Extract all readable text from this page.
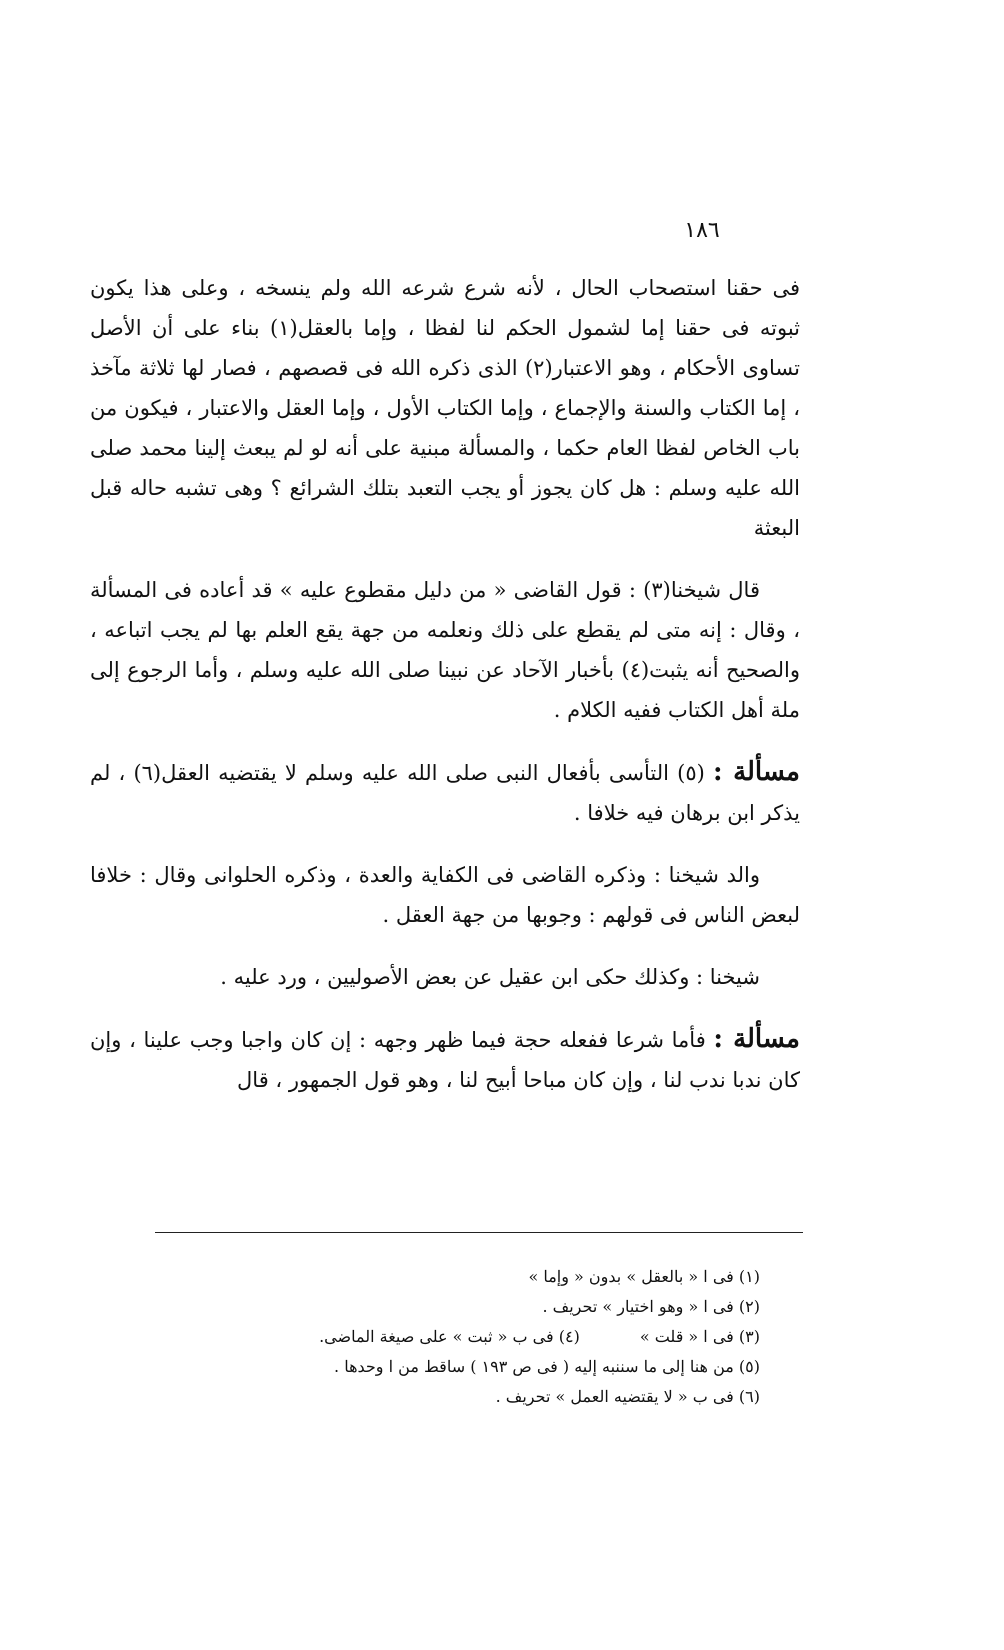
١٨٦

فى حقنا استصحاب الحال ، لأنه شرع شرعه الله ولم ينسخه ، وعلى هذا يكون ثبوته فى حقنا إما لشمول الحكم لنا لفظا ، وإما بالعقل(١) بناء على أن الأصل تساوى الأحكام ، وهو الاعتبار(٢) الذى ذكره الله فى قصصهم ، فصار لها ثلاثة مآخذ ، إما الكتاب والسنة والإجماع ، وإما الكتاب الأول ، وإما العقل والاعتبار ، فيكون من باب الخاص لفظا العام حكما ، والمسألة مبنية على أنه لو لم يبعث إلينا محمد صلى الله عليه وسلم : هل كان يجوز أو يجب التعبد بتلك الشرائع ؟ وهى تشبه حاله قبل البعثة

قال شيخنا(٣) : قول القاضى « من دليل مقطوع عليه » قد أعاده فى المسألة ، وقال : إنه متى لم يقطع على ذلك ونعلمه من جهة يقع العلم بها لم يجب اتباعه ، والصحيح أنه يثبت(٤) بأخبار الآحاد عن نبينا صلى الله عليه وسلم ، وأما الرجوع إلى ملة أهل الكتاب ففيه الكلام .

مسألة : (٥) التأسى بأفعال النبى صلى الله عليه وسلم لا يقتضيه العقل(٦) ، لم يذكر ابن برهان فيه خلافا .

والد شيخنا : وذكره القاضى فى الكفاية والعدة ، وذكره الحلوانى وقال : خلافا لبعض الناس فى قولهم : وجوبها من جهة العقل .

شيخنا : وكذلك حكى ابن عقيل عن بعض الأصوليين ، ورد عليه .

مسألة : فأما شرعا ففعله حجة فيما ظهر وجهه : إن كان واجبا وجب علينا ، وإن كان ندبا ندب لنا ، وإن كان مباحا أبيح لنا ، وهو قول الجمهور ، قال

(١) فى ا « بالعقل » بدون « وإما »

(٢) فى ا « وهو اختيار » تحريف .

(٣) فى ا « قلت »

(٤) فى ب « ثبت » على صيغة الماضى.

(٥) من هنا إلى ما سننبه إليه ( فى ص ١٩٣ ) ساقط من ا وحدها .

(٦) فى ب « لا يقتضيه العمل » تحريف .
